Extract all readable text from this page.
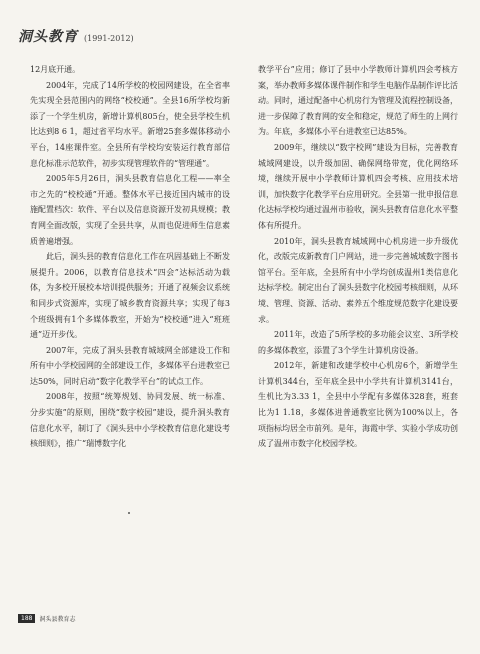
洞头教育 (1991-2012)

12月底开通。

2004年，完成了14所学校的校园网建设，在全省率先实现全县范围内的网络“校校通”。全县16所学校均新添了一个学生机房，新增计算机805台，使全县学校生机比达到8 6 1，超过省平均水平。新增25套多媒体移动小平台，14座课件室。全县所有学校均安装运行教育部信息化标准示范软件，初步实现管理软件的“管理通”。

2005年5月26日，洞头县教育信息化工程——率全市之先的“校校通”开通。整体水平已接近国内城市的设施配置档次：软件、平台以及信息资源开发初具规模；教育网全面改版，实现了全县共享，从而也促进师生信息素质普遍增强。

此后，洞头县的教育信息化工作在巩固基础上不断发展提升。2006，以教育信息技术“四会”达标活动为载体，为多校开展校本培训提供服务；开通了视频会议系统和同步式资源库，实现了城乡教育资源共享；实现了每3个班级拥有1个多媒体教室，开始为“校校通”进入“班班通”迈开步伐。

2007年，完成了洞头县教育城域网全部建设工作和所有中小学校园网的全部建设工作，多媒体平台进教室已达50%，同时启动“数字化教学平台”的试点工作。

2008年，按照“统筹规划、协同发展、统一标准、分步实施”的原则，围绕“数字校园”建设，提升洞头教育信息化水平，制订了《洞头县中小学校教育信息化建设考核细则》，推广“瑞博数字化

教学平台”应用；修订了县中小学教师计算机四会考核方案，举办教师多媒体课件制作和学生电脑作品制作评比活动。同时，通过配备中心机房行为管理及流程控制设备，进一步保障了教育网的安全和稳定，规范了师生的上网行为。年底，多媒体小平台进教室已达85%。

2009年，继续以“数字校网”建设为目标，完善教育城域网建设，以升级加固、确保网络带宽，优化网络环境，继续开展中小学教师计算机四会考核、应用技术培训，加快数字化教学平台应用研究。全县第一批申报信息化达标学校均通过温州市验收，洞头县教育信息化水平整体有所提升。

2010年，洞头县教育城域网中心机房进一步升级优化，改版完成新教育门户网站，进一步完善城域数字图书馆平台。至年底，全县所有中小学均创成温州1类信息化达标学校。制定出台了洞头县数字化校园考核细则，从环境、管理、资源、活动、素养五个维度规范数字化建设要求。

2011年，改造了5所学校的多功能会议室、3所学校的多媒体教室，添置了3个学生计算机房设备。

2012年，新建和改建学校中心机房6个，新增学生计算机344台，至年底全县中小学共有计算机3141台，生机比为3.33 1，全县中小学配有多媒体328套，班套比为1 1.18，多媒体进普通教室比例为100%以上，各项指标均居全市前列。是年，海霞中学、实验小学成功创成了温州市数字化校园学校。

188	洞头县教育志
